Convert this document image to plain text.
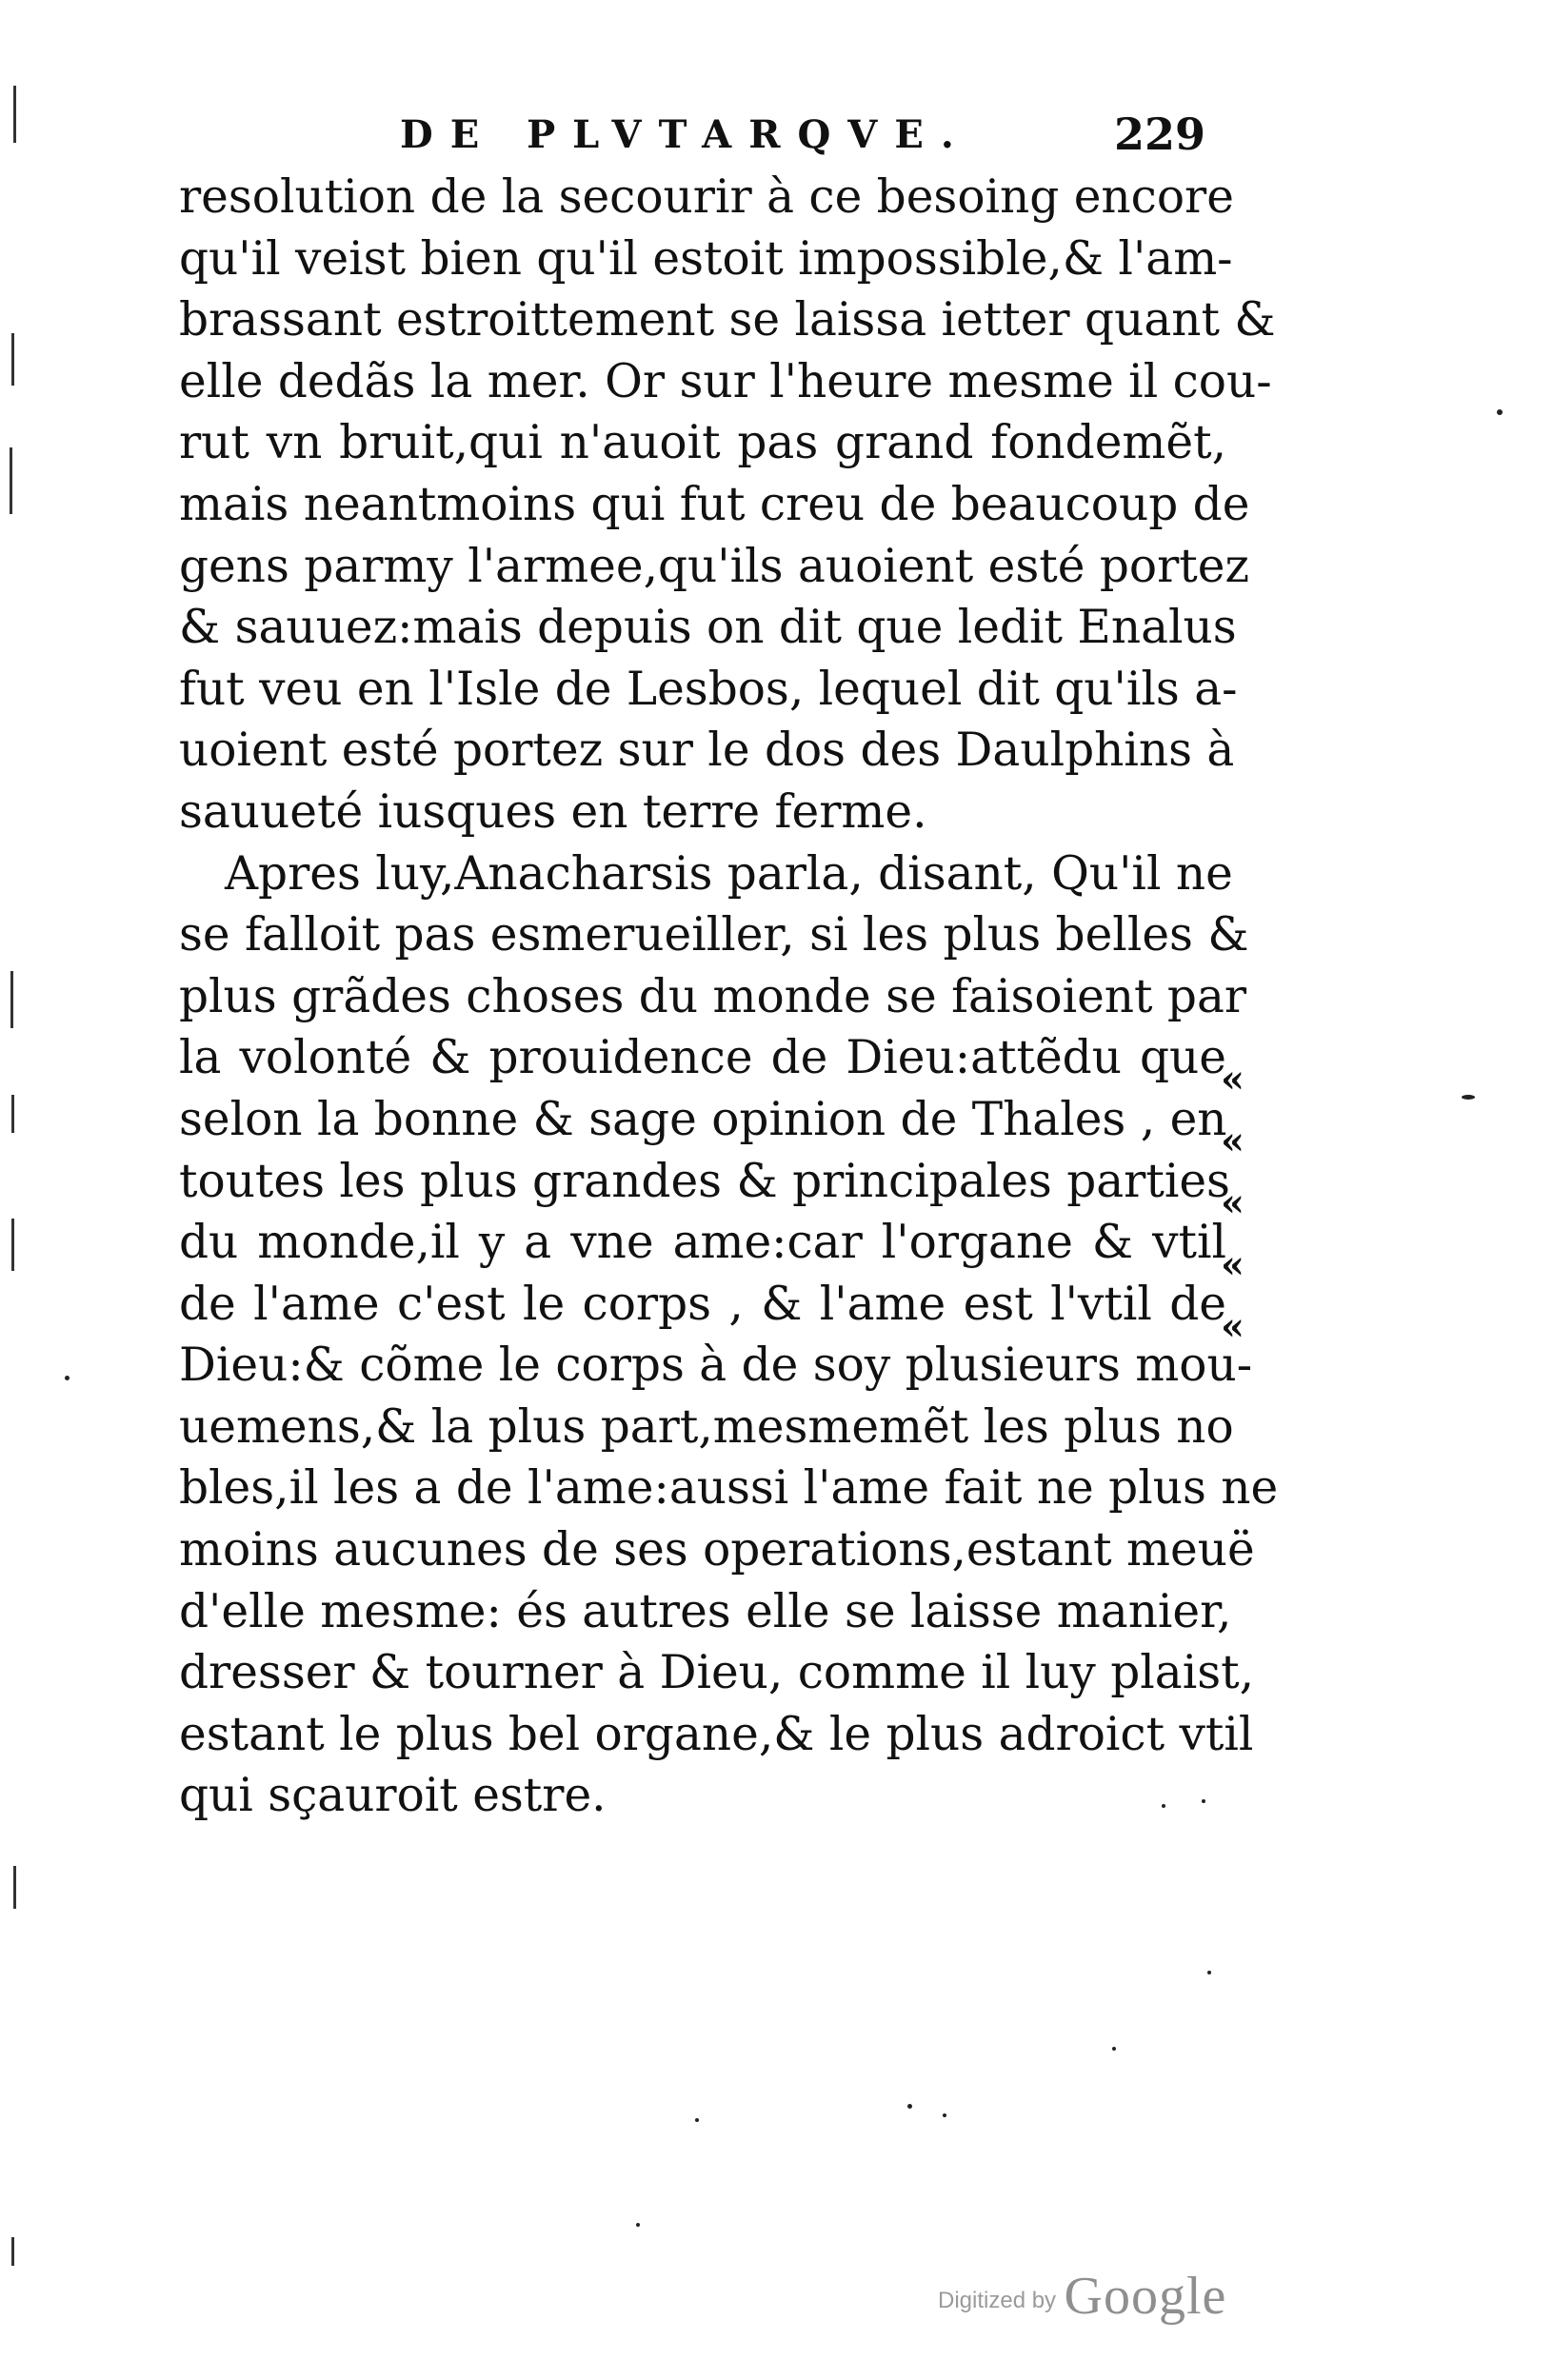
DE PLVTARQVE.	229
resolution de la secourir à ce besoing encore
qu'il veist bien qu'il estoit impossible,& l'am-
brassant estroittement se laissa ietter quant &
elle dedãs la mer. Or sur l'heure mesme il cou-
rut vn bruit,qui n'auoit pas grand fondemẽt,
mais neantmoins qui fut creu de beaucoup de
gens parmy l'armee,qu'ils auoient esté portez
& sauuez:mais depuis on dit que ledit Enalus
fut veu en l'Isle de Lesbos, lequel dit qu'ils a-
uoient esté portez sur le dos des Daulphins à
sauueté iusques en terre ferme.
Apres luy,Anacharsis parla, disant, Qu'il ne
se falloit pas esmerueiller, si les plus belles &
plus grãdes choses du monde se faisoient par
la volonté & prouidence de Dieu:attẽdu que
selon la bonne & sage opinion de Thales , en
toutes les plus grandes & principales parties
du monde,il y a vne ame:car l'organe & vtil
de l'ame c'est le corps , & l'ame est l'vtil de
Dieu:& cõme le corps à de soy plusieurs mou-
uemens,& la plus part,mesmemẽt les plus no
bles,il les a de l'ame:aussi l'ame fait ne plus ne
moins aucunes de ses operations,estant meuë
d'elle mesme: és autres elle se laisse manier,
dresser & tourner à Dieu, comme il luy plaist,
estant le plus bel organe,& le plus adroict vtil
qui sçauroit estre.
«
«
«
«
«
Digitized by Google
